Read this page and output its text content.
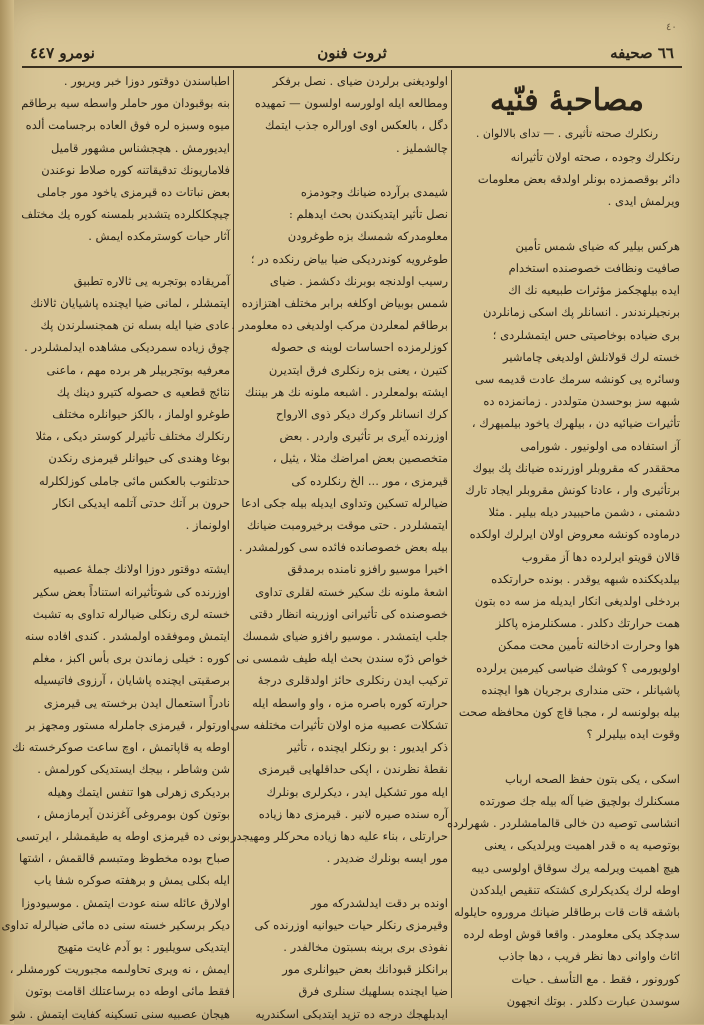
٤٠
٦٦ صحيفه
ثروت فنون
نومرو ٤٤٧
مصاحبهٔ فنّيه
رنكلرك صحته تأثيرى . — تداى بالالوان .
رنكلرك وجوده ، صحته اولان تأثيرانه
دائر بوقصمزده بونلر اولدقه بعض معلومات
ويرلمش ايدى .

هركس بيلير كه ضياى شمس تأمين
صافيت ونظافت خصوصنده استخدام
ايده بيلهجكمز مؤثرات طبيعيه نك اك
برنجيلرندندر . انسانلر پك اسكى زمانلردن
برى ضياده بوخاصيتى حس ايتمشلردى ؛
خسته لرك قولانلش اولديغى چاماشير
وسائره يى كونشه سرمك عادت قديمه سى
شبهه سز بوحسدن متولددر . زمانمزده ده
تأثيرات ضيائيه دن ، بيلهرك ياخود بيلميهرك ،
آز استفاده مى اولونيور . شورامى
محققدر كه مقروبلر اوزرنده ضيانك پك بيوك
برتأثيرى وار ، عادتا كونش مقروبلر ايجاد تارك
دشمنى ، دشمن ماحيبيدر ديله بيلير . مثلا
درماوده كونشه معروض اولان ايرلرك اولكده
قالان قويتو ايرلرده دها آز مقروب
بيلديككنده شبهه يوقدر . بونده حرارتكده
بردخلى اولديغى انكار ايديله مز سه ده بتون
همت حرارتك دكلدر . مسكنلرمزه پاكلز
هوا وحرارت ادخالنه تأمين محت ممكن
اولويورمى ؟ كوشك ضياسى كيرمين يرلرده
پاشيانلر ، حتى مندارى برجريان هوا ايچنده
بيله بولونسه لر ، مجبا قاچ كون محافظه صحت
وقوت ايده بيليرلر ؟

اسكى ، يكى بتون حفظ الصحه ارباب
مسكنلرك بولچيق ضيا آله بيله جك صورتده
انشاسى توصيه دن خالى قالمامشلردر . شهرلرده
بوتوصيه يه ه قدر اهميت ويرلديكى ، يعنى
هيچ اهميت ويرلمه يرك سوقاق اولوسى ديبه
اوطه لرك يكديكرلرى كشتكه تنقيص ايلدكدن
باشقه قات قات برطاقلر ضيانك مروروه حايلوله
سدچكد يكى معلومدر . واقعا قوش اوطه لرده
اثاث واوانى دها نظر فريب ، دها جاذب
كورونور ، فقط . مع التأسف . حيات
سوسدن عبارت دكلدر . بوتك انجهون
اولوديغنى برلردن ضياى . نصل برفكر
ومطالعه ايله اولورسه اولسون — تمهيده
دگل ، بالعكس اوى اورالره جذب ايتمك
چالشمليز .

شيمدى برآرده ضيانك وجودمزه
نصل تأثير ايتديكندن بحث ايدهلم :
معلومدركه شمسك بزه طوغرودن
طوغرويه كوندرديكى ضيا بياض رنكده در ؛
رسيب اولدنجه بوبرنك دكشمز . ضياى
شمس بوبياض اوكلغه برابر مختلف اهتزازده
برطاقم لمعلردن مركب اولديغى ده معلومدر .
كوزلرمزده احساسات لوينه ى حصوله
كتيرن ، يعنى بزه رنكلرى فرق ايتديرن
ايشته بولمعلردر . اشبعه ملونه نك هر بيننك
كرك انسانلر وكرك ديكر ذوى الارواح
اوزرنده آيرى بر تأثيرى واردر . بعض
متخصصين بعض امراضك مثلا ، يثيل ،
قيرمزى ، مور ... الخ رنكلرده كى
ضيالرله تسكين وتداوى ايديله بيله جكى ادعا
ايتمشلردر . حتى موقت برخيرومبت ضيانك
بيله بعض خصوصانده فائده سى كورلمشدر .
اخيرا موسيو رافزو نامنده برمدقق
اشعهٔ ملونه نك سكير خسته لقلرى تداوى
خصوصنده كى تأثيرانى اوزرينه انظار دقتى
جلب ايتمشدر . موسيو رافزو ضياى شمسك
خواص ذرّه سندن بحث ايله طيف شمسى نى
تركيب ايدن رنكلرى حائز اولدقلرى درجهٔ
حرارته كوره باصره مزه ، واو واسطه ايله
تشكلات عصبيه مزه اولان تأثيرات مختلفه سى
ذكر ايديور : بو رنكلر ايچنده ، تأثير
نقطهٔ نظرندن ، اپكى حداقلهايى قيرمزى
ايله مور تشكيل ايدر ، ديكرلرى بونلرك
آره سنده صيره لانير . قيرمزى دها زياده
حرارتلى ، بناء عليه دها زياده محركلر ومهيجدر ،
مور ايسه بونلرك ضديدر .

اونده بر دقت ايدلشدركه مور
وقيرمزى رنكلر حيات حيوانيه اوزرنده كى
نفوذى برى برينه بسبتون مخالفدر .
برانكلز قبودانك بعض حيوانلرى مور
ضيا ايچنده بسلهيك سنلرى فرق
ايدبلهجك درجه ده تزيد ايتديكى اسكندريه
اطباسندن دوقتور دوزا خبر ويريور .
بنه بوقبودان مور حاملر واسطه سيه برطاقم
ميوه وسبزه لره فوق العاده برجسامت ألده
ايديورمش . هچجشناس مشهور قاميل
فلاماريونك تدقيقاتنه كوره صلاط نوعندن
بعض نباتات ده قيرمزى ياخود مور جاملى
چيچكلكلرده يتشدير بلمسنه كوره يك مختلف
آثار حيات كوسترمكده ايمش .

آمريقاده بوتجربه يى ثالاره تطبيق
ايتمشلر ، لمانى ضيا ايچنده پاشيايان ثالانك
عادى ضيا ايله بسله نن همجنسلرندن پك
چوق زياده سمرديكى مشاهده ايدلمشلردر .
معرفيه بوتجربيلر هر برده مهم ، ماعنى
نتائج قطعيه ى حصوله كتيرو دينك پك
طوغرو اولماز ، بالكز حيوانلره مختلف
رنكلرك مختلف تأثيرلر كوستر ديكى ، مثلا
بوغا وهندى كى حيوانلر قيرمزى رنكدن
حدتلنوب بالعكس مائى جاملى كوزلكلرله
حرون بر آتك حدتى آتلمه ايديكى انكار
اولونماز .

ايشته دوقتور دوزا اولانك جملهٔ عصبيه
اوزرنده كى شوتأثيرانه استناداً بعض سكير
خسته لرى رنكلى ضيالرله تداوى به تشبث
ايتمش وموفقده اولمشدر . كندى افاده سنه
كوره : خيلى زماندن برى بأس اكبز ، مغلم
برصقيتى ايچنده پاشايان ، آرزوى فاتيسيله
نادراً استعمال ايدن برخسته يى قيرمزى
اورتولر ، قيرمزى جاملرله مستور ومجهز بر
اوطه يه قاپاتمش ، اوچ ساعت صوكرخسته نك
شن وشاطر ، بيجك ايستديكى كورلمش .
برديكرى زهرلى هوا تنفس ايتمك وهيله
بوتون كون بومروغى آغزندن آيرمازمش ،
بونى ده قيرمزى اوطه يه طيقمشلر ، ايرتسى
صباح بوده مخطوظ ومتبسم قالقمش ، اشتها
ايله بكلى يمش و برهفته صوكره شفا ياب
اولارق عائله سنه عودت ايتمش . موسيودوزا
ديكر برسكير خسته سنى ده مائى ضيالرله تداوى
ايتديكى سويليور : بو آدم غايت متهيج
ايمش ، نه ويرى تحاولىمه مجبوريت كورمشلر ،
فقط مائى اوطه ده برساعتلك اقامت بوتون
هيجان عصبيه سنى تسكينه كفايت ايتمش . شو
